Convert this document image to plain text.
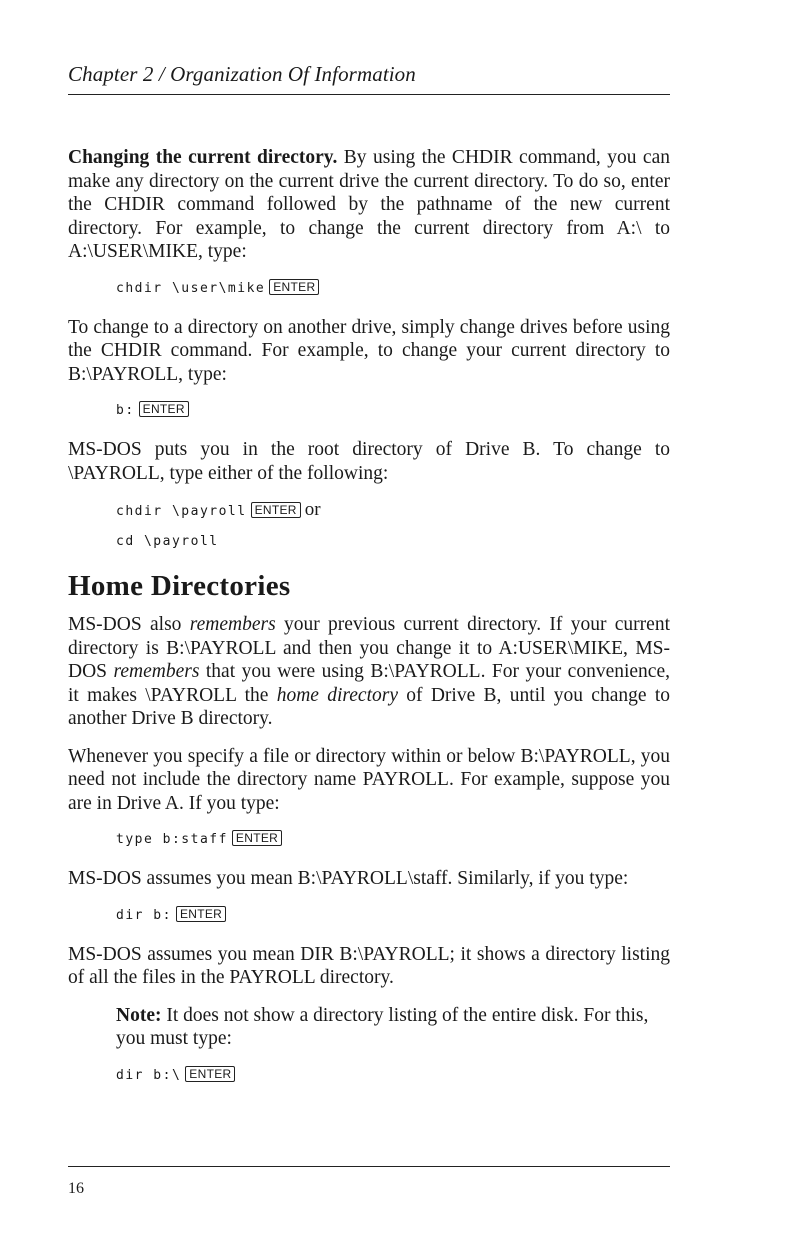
Chapter 2 / Organization Of Information

Changing the current directory. By using the CHDIR command, you can make any directory on the current drive the current directory. To do so, enter the CHDIR command followed by the pathname of the new current directory. For example, to change the current directory from A:\ to A:\USER\MIKE, type:

chdir \user\mike ENTER

To change to a directory on another drive, simply change drives before using the CHDIR command. For example, to change your current directory to B:\PAYROLL, type:

b: ENTER

MS-DOS puts you in the root directory of Drive B. To change to \PAYROLL, type either of the following:

chdir \payroll ENTER or
cd \payroll
Home Directories

MS-DOS also remembers your previous current directory. If your current directory is B:\PAYROLL and then you change it to A:USER\MIKE, MS-DOS remembers that you were using B:\PAYROLL. For your convenience, it makes \PAYROLL the home directory of Drive B, until you change to another Drive B directory.

Whenever you specify a file or directory within or below B:\PAYROLL, you need not include the directory name PAYROLL. For example, suppose you are in Drive A. If you type:

type b:staff ENTER

MS-DOS assumes you mean B:\PAYROLL\staff. Similarly, if you type:

dir b: ENTER

MS-DOS assumes you mean DIR B:\PAYROLL; it shows a directory listing of all the files in the PAYROLL directory.

Note: It does not show a directory listing of the entire disk. For this, you must type:

dir b:\ ENTER
16
